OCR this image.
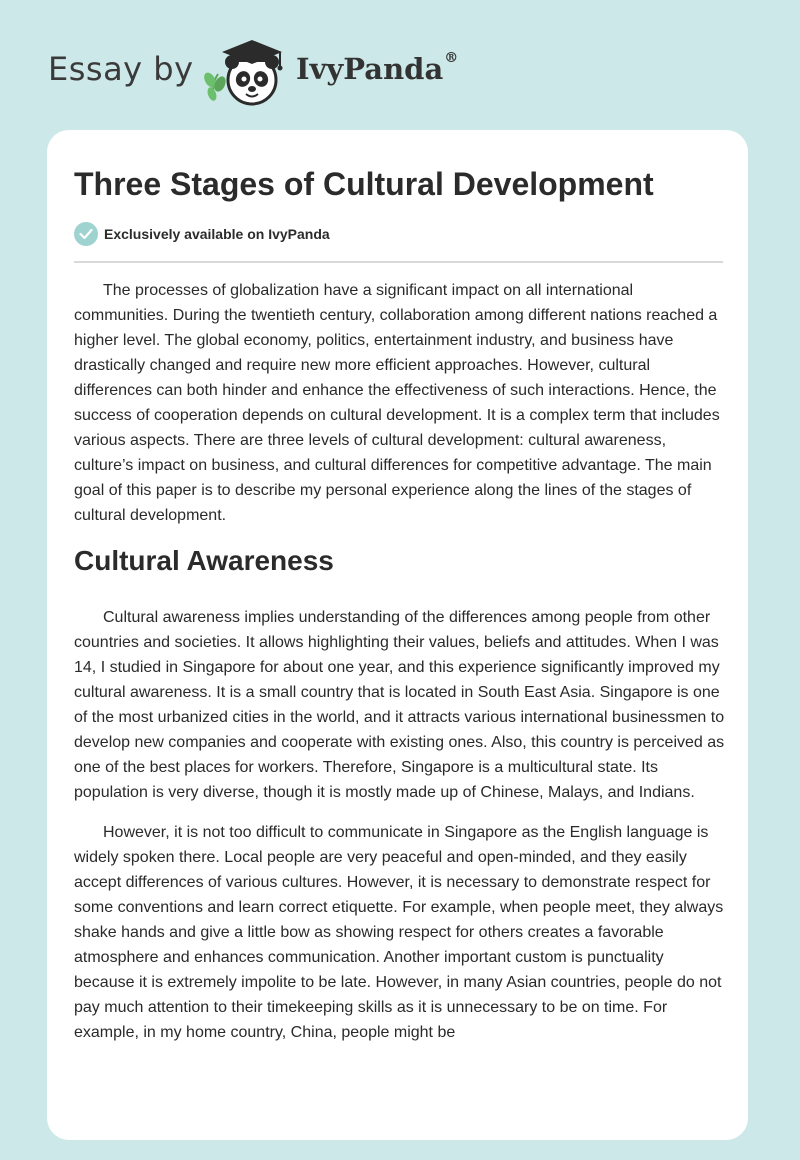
Essay by	IvyPanda®
Three Stages of Cultural Development
Exclusively available on IvyPanda

The processes of globalization have a significant impact on all international communities. During the twentieth century, collaboration among different nations reached a higher level. The global economy, politics, entertainment industry, and business have drastically changed and require new more efficient approaches. However, cultural differences can both hinder and enhance the effectiveness of such interactions. Hence, the success of cooperation depends on cultural development. It is a complex term that includes various aspects. There are three levels of cultural development: cultural awareness, culture’s impact on business, and cultural differences for competitive advantage. The main goal of this paper is to describe my personal experience along the lines of the stages of cultural development.

Cultural Awareness

Cultural awareness implies understanding of the differences among people from other countries and societies. It allows highlighting their values, beliefs and attitudes. When I was 14, I studied in Singapore for about one year, and this experience significantly improved my cultural awareness. It is a small country that is located in South East Asia. Singapore is one of the most urbanized cities in the world, and it attracts various international businessmen to develop new companies and cooperate with existing ones. Also, this country is perceived as one of the best places for workers. Therefore, Singapore is a multicultural state. Its population is very diverse, though it is mostly made up of Chinese, Malays, and Indians.

However, it is not too difficult to communicate in Singapore as the English language is widely spoken there. Local people are very peaceful and open-minded, and they easily accept differences of various cultures. However, it is necessary to demonstrate respect for some conventions and learn correct etiquette. For example, when people meet, they always shake hands and give a little bow as showing respect for others creates a favorable atmosphere and enhances communication. Another important custom is punctuality because it is extremely impolite to be late. However, in many Asian countries, people do not pay much attention to their timekeeping skills as it is unnecessary to be on time. For example, in my home country, China, people might be
